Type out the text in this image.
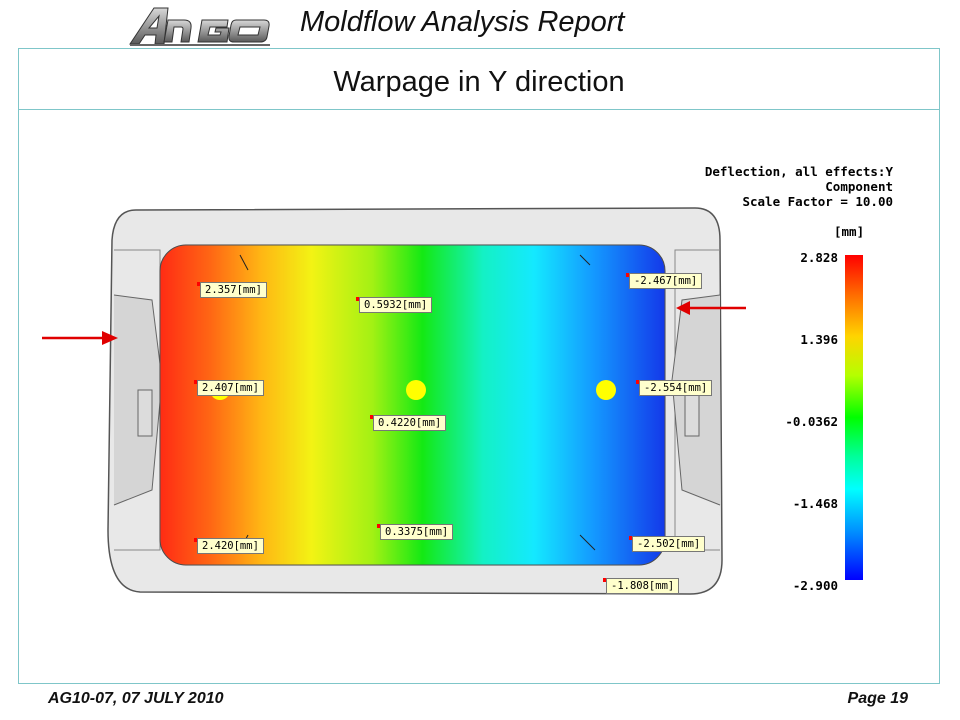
Moldflow Analysis Report
Warpage in Y direction
Deflection, all effects:Y Component
Scale Factor = 10.00
[mm]
2.828
1.396
-0.0362
-1.468
-2.900
2.357[mm]
0.5932[mm]
-2.467[mm]
2.407[mm]
0.4220[mm]
-2.554[mm]
2.420[mm]
0.3375[mm]
-2.502[mm]
-1.808[mm]
AG10-07, 07 JULY 2010	Page 19
